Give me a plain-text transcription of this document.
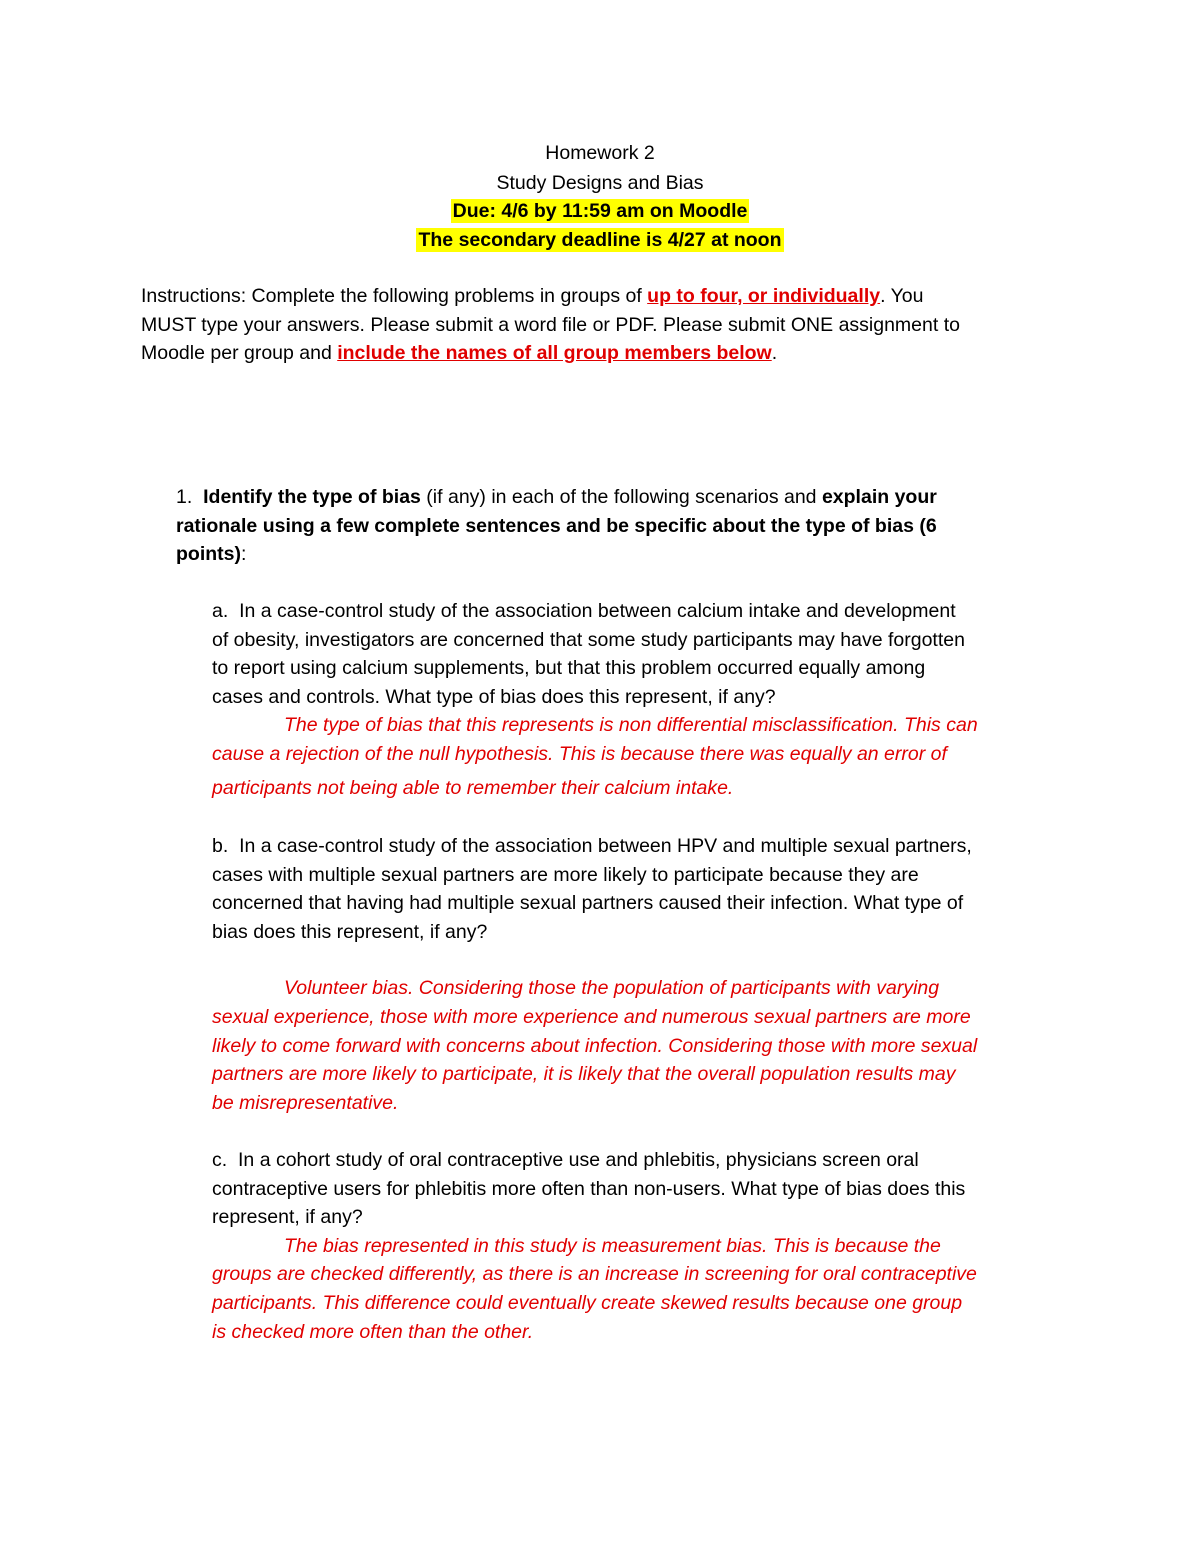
Homework 2
Study Designs and Bias
Due: 4/6 by 11:59 am on Moodle
The secondary deadline is 4/27 at noon
Instructions: Complete the following problems in groups of up to four, or individually. You
MUST type your answers. Please submit a word file or PDF. Please submit ONE assignment to
Moodle per group and include the names of all group members below.
1. Identify the type of bias (if any) in each of the following scenarios and explain your
rationale using a few complete sentences and be specific about the type of bias (6
points):
a. In a case-control study of the association between calcium intake and development
of obesity, investigators are concerned that some study participants may have forgotten
to report using calcium supplements, but that this problem occurred equally among
cases and controls. What type of bias does this represent, if any?
The type of bias that this represents is non differential misclassification. This can
cause a rejection of the null hypothesis. This is because there was equally an error of
participants not being able to remember their calcium intake.
b. In a case-control study of the association between HPV and multiple sexual partners,
cases with multiple sexual partners are more likely to participate because they are
concerned that having had multiple sexual partners caused their infection. What type of
bias does this represent, if any?
Volunteer bias. Considering those the population of participants with varying
sexual experience, those with more experience and numerous sexual partners are more
likely to come forward with concerns about infection. Considering those with more sexual
partners are more likely to participate, it is likely that the overall population results may
be misrepresentative.
c. In a cohort study of oral contraceptive use and phlebitis, physicians screen oral
contraceptive users for phlebitis more often than non-users. What type of bias does this
represent, if any?
The bias represented in this study is measurement bias. This is because the
groups are checked differently, as there is an increase in screening for oral contraceptive
participants. This difference could eventually create skewed results because one group
is checked more often than the other.
